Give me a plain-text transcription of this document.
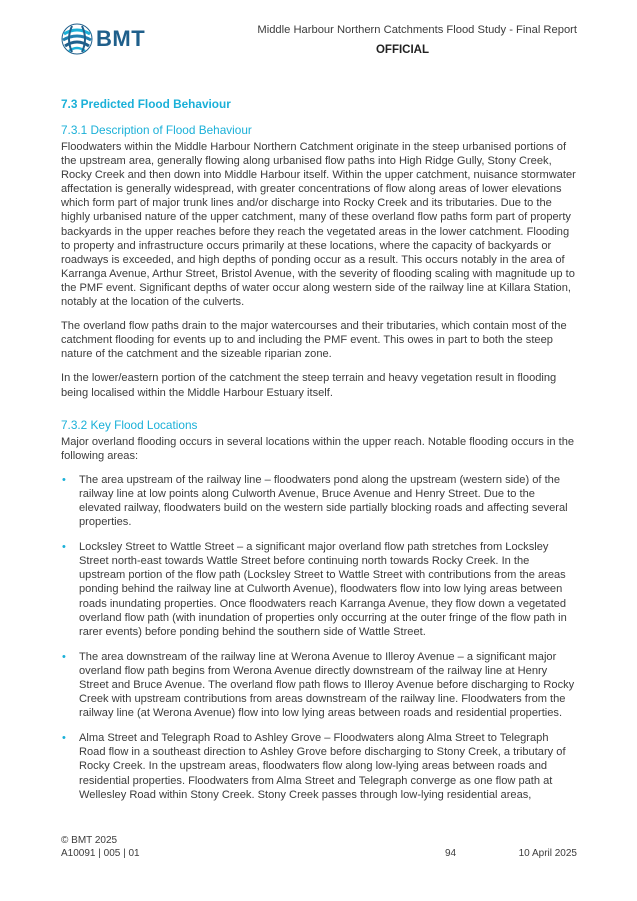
BMT	Middle Harbour Northern Catchments Flood Study - Final Report
OFFICIAL
7.3 Predicted Flood Behaviour
7.3.1 Description of Flood Behaviour

Floodwaters within the Middle Harbour Northern Catchment originate in the steep urbanised portions of the upstream area, generally flowing along urbanised flow paths into High Ridge Gully, Stony Creek, Rocky Creek and then down into Middle Harbour itself. Within the upper catchment, nuisance stormwater affectation is generally widespread, with greater concentrations of flow along areas of lower elevations which form part of major trunk lines and/or discharge into Rocky Creek and its tributaries. Due to the highly urbanised nature of the upper catchment, many of these overland flow paths form part of property backyards in the upper reaches before they reach the vegetated areas in the lower catchment. Flooding to property and infrastructure occurs primarily at these locations, where the capacity of backyards or roadways is exceeded, and high depths of ponding occur as a result. This occurs notably in the area of Karranga Avenue, Arthur Street, Bristol Avenue, with the severity of flooding scaling with magnitude up to the PMF event. Significant depths of water occur along western side of the railway line at Killara Station, notably at the location of the culverts.

The overland flow paths drain to the major watercourses and their tributaries, which contain most of the catchment flooding for events up to and including the PMF event. This owes in part to both the steep nature of the catchment and the sizeable riparian zone.

In the lower/eastern portion of the catchment the steep terrain and heavy vegetation result in flooding being localised within the Middle Harbour Estuary itself.

7.3.2 Key Flood Locations

Major overland flooding occurs in several locations within the upper reach. Notable flooding occurs in the following areas:

• The area upstream of the railway line – floodwaters pond along the upstream (western side) of the railway line at low points along Culworth Avenue, Bruce Avenue and Henry Street. Due to the elevated railway, floodwaters build on the western side partially blocking roads and affecting several properties.
• Locksley Street to Wattle Street – a significant major overland flow path stretches from Locksley Street north-east towards Wattle Street before continuing north towards Rocky Creek. In the upstream portion of the flow path (Locksley Street to Wattle Street with contributions from the areas ponding behind the railway line at Culworth Avenue), floodwaters flow into low lying areas between roads inundating properties. Once floodwaters reach Karranga Avenue, they flow down a vegetated overland flow path (with inundation of properties only occurring at the outer fringe of the flow path in rarer events) before ponding behind the southern side of Wattle Street.
• The area downstream of the railway line at Werona Avenue to Illeroy Avenue – a significant major overland flow path begins from Werona Avenue directly downstream of the railway line at Henry Street and Bruce Avenue. The overland flow path flows to Illeroy Avenue before discharging to Rocky Creek with upstream contributions from areas downstream of the railway line. Floodwaters from the railway line (at Werona Avenue) flow into low lying areas between roads and residential properties.
• Alma Street and Telegraph Road to Ashley Grove – Floodwaters along Alma Street to Telegraph Road flow in a southeast direction to Ashley Grove before discharging to Stony Creek, a tributary of Rocky Creek. In the upstream areas, floodwaters flow along low-lying areas between roads and residential properties. Floodwaters from Alma Street and Telegraph converge as one flow path at Wellesley Road within Stony Creek. Stony Creek passes through low-lying residential areas,
© BMT 2025
A10091 | 005 | 01	10 April 2025
94
